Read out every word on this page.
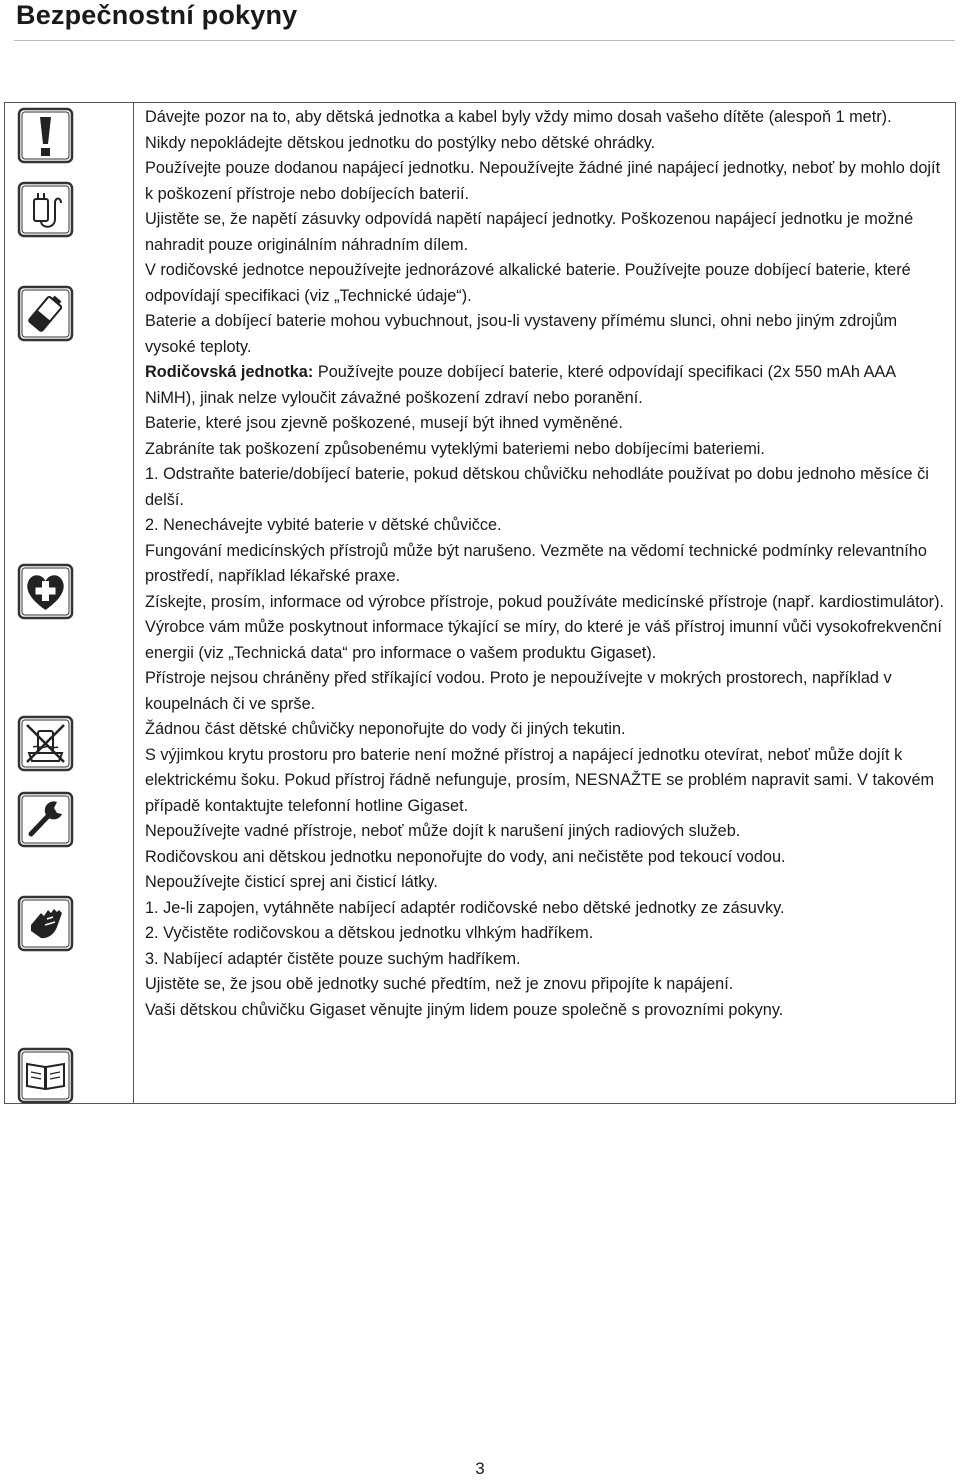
Bezpečnostní pokyny

Dávejte pozor na to, aby dětská jednotka a kabel byly vždy mimo dosah vašeho dítěte (alespoň 1 metr).

Nikdy nepokládejte dětskou jednotku do postýlky nebo dětské ohrádky.

Používejte pouze dodanou napájecí jednotku. Nepoužívejte žádné jiné napájecí jednotky, neboť by mohlo dojít k poškození přístroje nebo dobíjecích baterií.

Ujistěte se, že napětí zásuvky odpovídá napětí napájecí jednotky. Poškozenou napájecí jednotku je možné nahradit pouze originálním náhradním dílem.

V rodičovské jednotce nepoužívejte jednorázové alkalické baterie. Používejte pouze dobíjecí baterie, které odpovídají specifikaci (viz „Technické údaje“).

Baterie a dobíjecí baterie mohou vybuchnout, jsou-li vystaveny přímému slunci, ohni nebo jiným zdrojům vysoké teploty.

Rodičovská jednotka: Používejte pouze dobíjecí baterie, které odpovídají specifikaci (2x 550 mAh AAA NiMH), jinak nelze vyloučit závažné poškození zdraví nebo poranění.

Baterie, které jsou zjevně poškozené, musejí být ihned vyměněné.

Zabráníte tak poškození způsobenému vyteklými bateriemi nebo dobíjecími bateriemi.

1. Odstraňte baterie/dobíjecí baterie, pokud dětskou chůvičku nehodláte používat po dobu jednoho měsíce či delší.

2. Nenechávejte vybité baterie v dětské chůvičce.

Fungování medicínských přístrojů může být narušeno. Vezměte na vědomí technické podmínky relevantního prostředí, například lékařské praxe.

Získejte, prosím, informace od výrobce přístroje, pokud používáte medicínské přístroje (např. kardiostimulátor). Výrobce vám může poskytnout informace týkající se míry, do které je váš přístroj imunní vůči vysokofrekvenční energii (viz „Technická data“ pro informace o vašem produktu Gigaset).

Přístroje nejsou chráněny před stříkající vodou. Proto je nepoužívejte v mokrých prostorech, například v koupelnách či ve sprše.

Žádnou část dětské chůvičky neponořujte do vody či jiných tekutin.

S výjimkou krytu prostoru pro baterie není možné přístroj a napájecí jednotku otevírat, neboť může dojít k elektrickému šoku. Pokud přístroj řádně nefunguje, prosím, NESNAŽTE se problém napravit sami. V takovém případě kontaktujte telefonní hotline Gigaset.

Nepoužívejte vadné přístroje, neboť může dojít k narušení jiných radiových služeb.

Rodičovskou ani dětskou jednotku neponořujte do vody, ani nečistěte pod tekoucí vodou.

Nepoužívejte čisticí sprej ani čisticí látky.

1. Je-li zapojen, vytáhněte nabíjecí adaptér rodičovské nebo dětské jednotky ze zásuvky.

2. Vyčistěte rodičovskou a dětskou jednotku vlhkým hadříkem.

3. Nabíjecí adaptér čistěte pouze suchým hadříkem.

Ujistěte se, že jsou obě jednotky suché předtím, než je znovu připojíte k napájení.

Vaši dětskou chůvičku Gigaset věnujte jiným lidem pouze společně s provozními pokyny.

3
